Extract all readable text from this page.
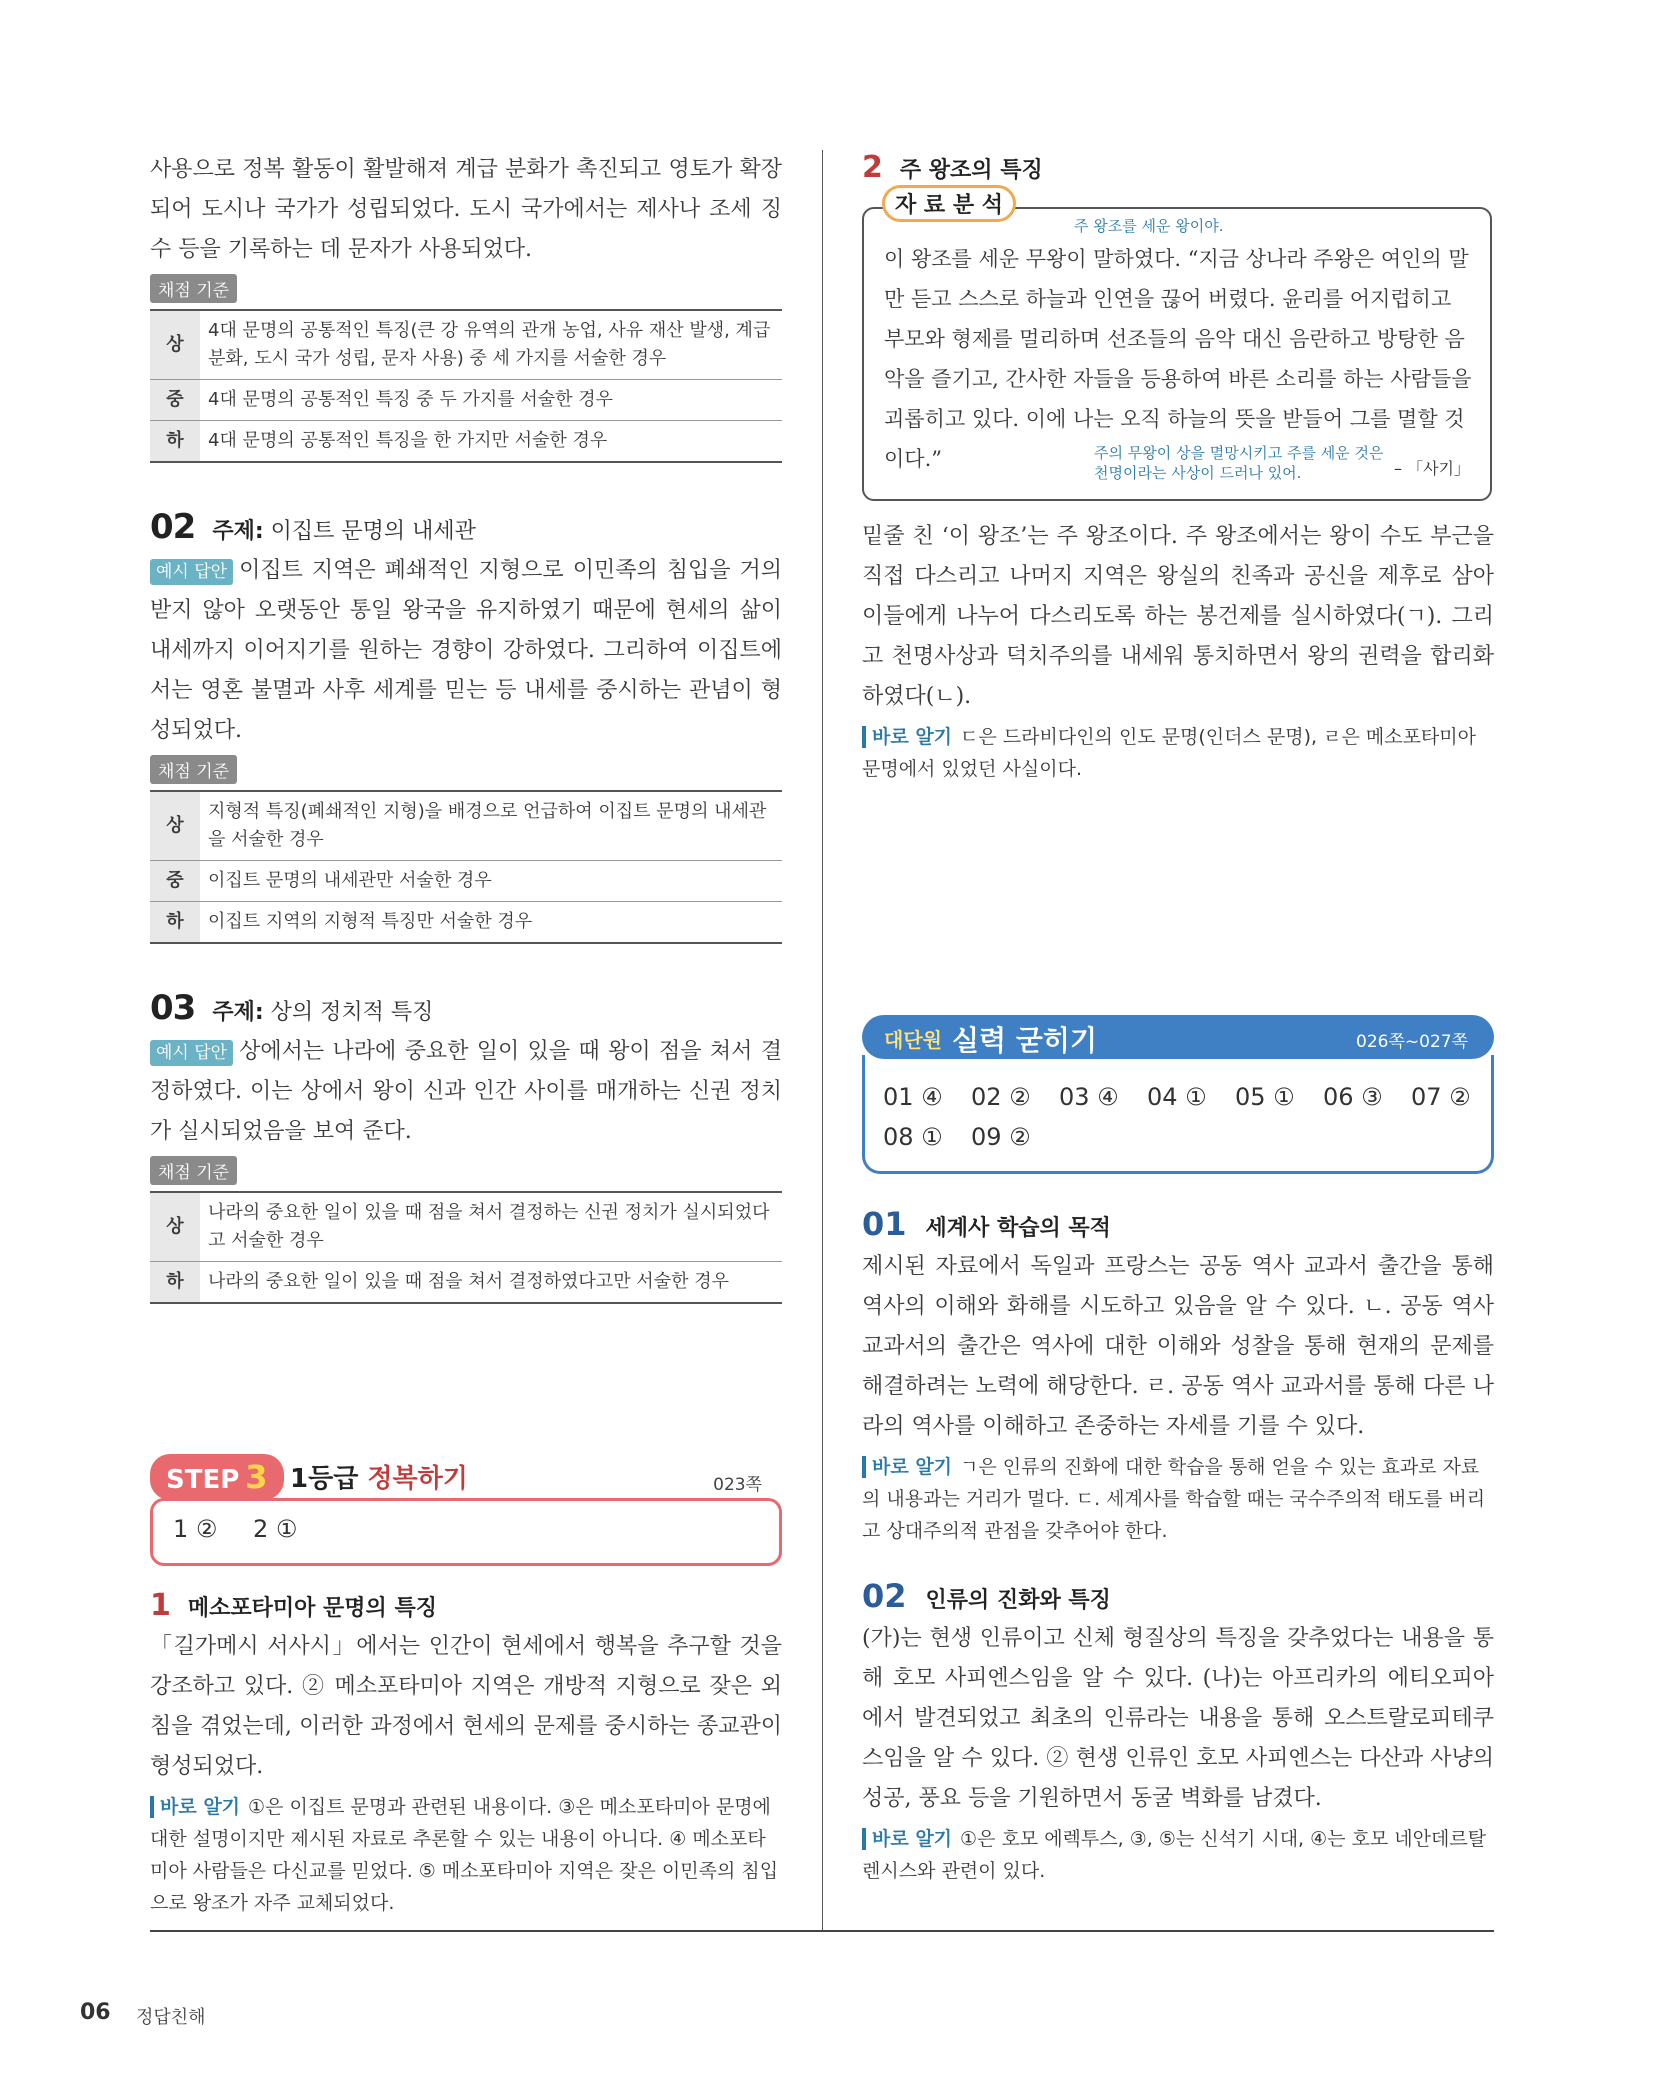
사용으로 정복 활동이 활발해져 계급 분화가 촉진되고 영토가 확장되어 도시나 국가가 성립되었다. 도시 국가에서는 제사나 조세 징수 등을 기록하는 데 문자가 사용되었다.

채점 기준
상	4대 문명의 공통적인 특징(큰 강 유역의 관개 농업, 사유 재산 발생, 계급 분화, 도시 국가 성립, 문자 사용) 중 세 가지를 서술한 경우
중	4대 문명의 공통적인 특징 중 두 가지를 서술한 경우
하	4대 문명의 공통적인 특징을 한 가지만 서술한 경우
02 주제: 이집트 문명의 내세관

예시 답안 이집트 지역은 폐쇄적인 지형으로 이민족의 침입을 거의 받지 않아 오랫동안 통일 왕국을 유지하였기 때문에 현세의 삶이 내세까지 이어지기를 원하는 경향이 강하였다. 그리하여 이집트에서는 영혼 불멸과 사후 세계를 믿는 등 내세를 중시하는 관념이 형성되었다.

채점 기준
상	지형적 특징(폐쇄적인 지형)을 배경으로 언급하여 이집트 문명의 내세관을 서술한 경우
중	이집트 문명의 내세관만 서술한 경우
하	이집트 지역의 지형적 특징만 서술한 경우
03 주제: 상의 정치적 특징

예시 답안 상에서는 나라에 중요한 일이 있을 때 왕이 점을 쳐서 결정하였다. 이는 상에서 왕이 신과 인간 사이를 매개하는 신권 정치가 실시되었음을 보여 준다.

채점 기준
상	나라의 중요한 일이 있을 때 점을 쳐서 결정하는 신권 정치가 실시되었다고 서술한 경우
하	나라의 중요한 일이 있을 때 점을 쳐서 결정하였다고만 서술한 경우
STEP 3 1등급 정복하기	023쪽
1 ② 2 ①
1 메소포타미아 문명의 특징

「길가메시 서사시」에서는 인간이 현세에서 행복을 추구할 것을 강조하고 있다. ② 메소포타미아 지역은 개방적 지형으로 잦은 외침을 겪었는데, 이러한 과정에서 현세의 문제를 중시하는 종교관이 형성되었다.

바로 알기 ①은 이집트 문명과 관련된 내용이다. ③은 메소포타미아 문명에 대한 설명이지만 제시된 자료로 추론할 수 있는 내용이 아니다. ④ 메소포타미아 사람들은 다신교를 믿었다. ⑤ 메소포타미아 지역은 잦은 이민족의 침입으로 왕조가 자주 교체되었다.

2 주 왕조의 특징
자 료 분 석
주 왕조를 세운 왕이야.

이 왕조를 세운 무왕이 말하였다. “지금 상나라 주왕은 여인의 말만 듣고 스스로 하늘과 인연을 끊어 버렸다. 윤리를 어지럽히고 부모와 형제를 멀리하며 선조들의 음악 대신 음란하고 방탕한 음악을 즐기고, 간사한 자들을 등용하여 바른 소리를 하는 사람들을 괴롭히고 있다. 이에 나는 오직 하늘의 뜻을 받들어 그를 멸할 것이다.”	주의 무왕이 상을 멸망시키고 주를 세운 것은 천명이라는 사상이 드러나 있어.	– 「사기」

밑줄 친 ‘이 왕조’는 주 왕조이다. 주 왕조에서는 왕이 수도 부근을 직접 다스리고 나머지 지역은 왕실의 친족과 공신을 제후로 삼아 이들에게 나누어 다스리도록 하는 봉건제를 실시하였다(ㄱ). 그리고 천명사상과 덕치주의를 내세워 통치하면서 왕의 권력을 합리화하였다(ㄴ).

바로 알기 ㄷ은 드라비다인의 인도 문명(인더스 문명), ㄹ은 메소포타미아 문명에서 있었던 사실이다.

대단원 실력 굳히기	026쪽~027쪽
01 ④ 02 ② 03 ④ 04 ① 05 ① 06 ③ 07 ②
08 ① 09 ②
01 세계사 학습의 목적

제시된 자료에서 독일과 프랑스는 공동 역사 교과서 출간을 통해 역사의 이해와 화해를 시도하고 있음을 알 수 있다. ㄴ. 공동 역사 교과서의 출간은 역사에 대한 이해와 성찰을 통해 현재의 문제를 해결하려는 노력에 해당한다. ㄹ. 공동 역사 교과서를 통해 다른 나라의 역사를 이해하고 존중하는 자세를 기를 수 있다.

바로 알기 ㄱ은 인류의 진화에 대한 학습을 통해 얻을 수 있는 효과로 자료의 내용과는 거리가 멀다. ㄷ. 세계사를 학습할 때는 국수주의적 태도를 버리고 상대주의적 관점을 갖추어야 한다.

02 인류의 진화와 특징

(가)는 현생 인류이고 신체 형질상의 특징을 갖추었다는 내용을 통해 호모 사피엔스임을 알 수 있다. (나)는 아프리카의 에티오피아에서 발견되었고 최초의 인류라는 내용을 통해 오스트랄로피테쿠스임을 알 수 있다. ② 현생 인류인 호모 사피엔스는 다산과 사냥의 성공, 풍요 등을 기원하면서 동굴 벽화를 남겼다.

바로 알기 ①은 호모 에렉투스, ③, ⑤는 신석기 시대, ④는 호모 네안데르탈렌시스와 관련이 있다.

06 정답친해
